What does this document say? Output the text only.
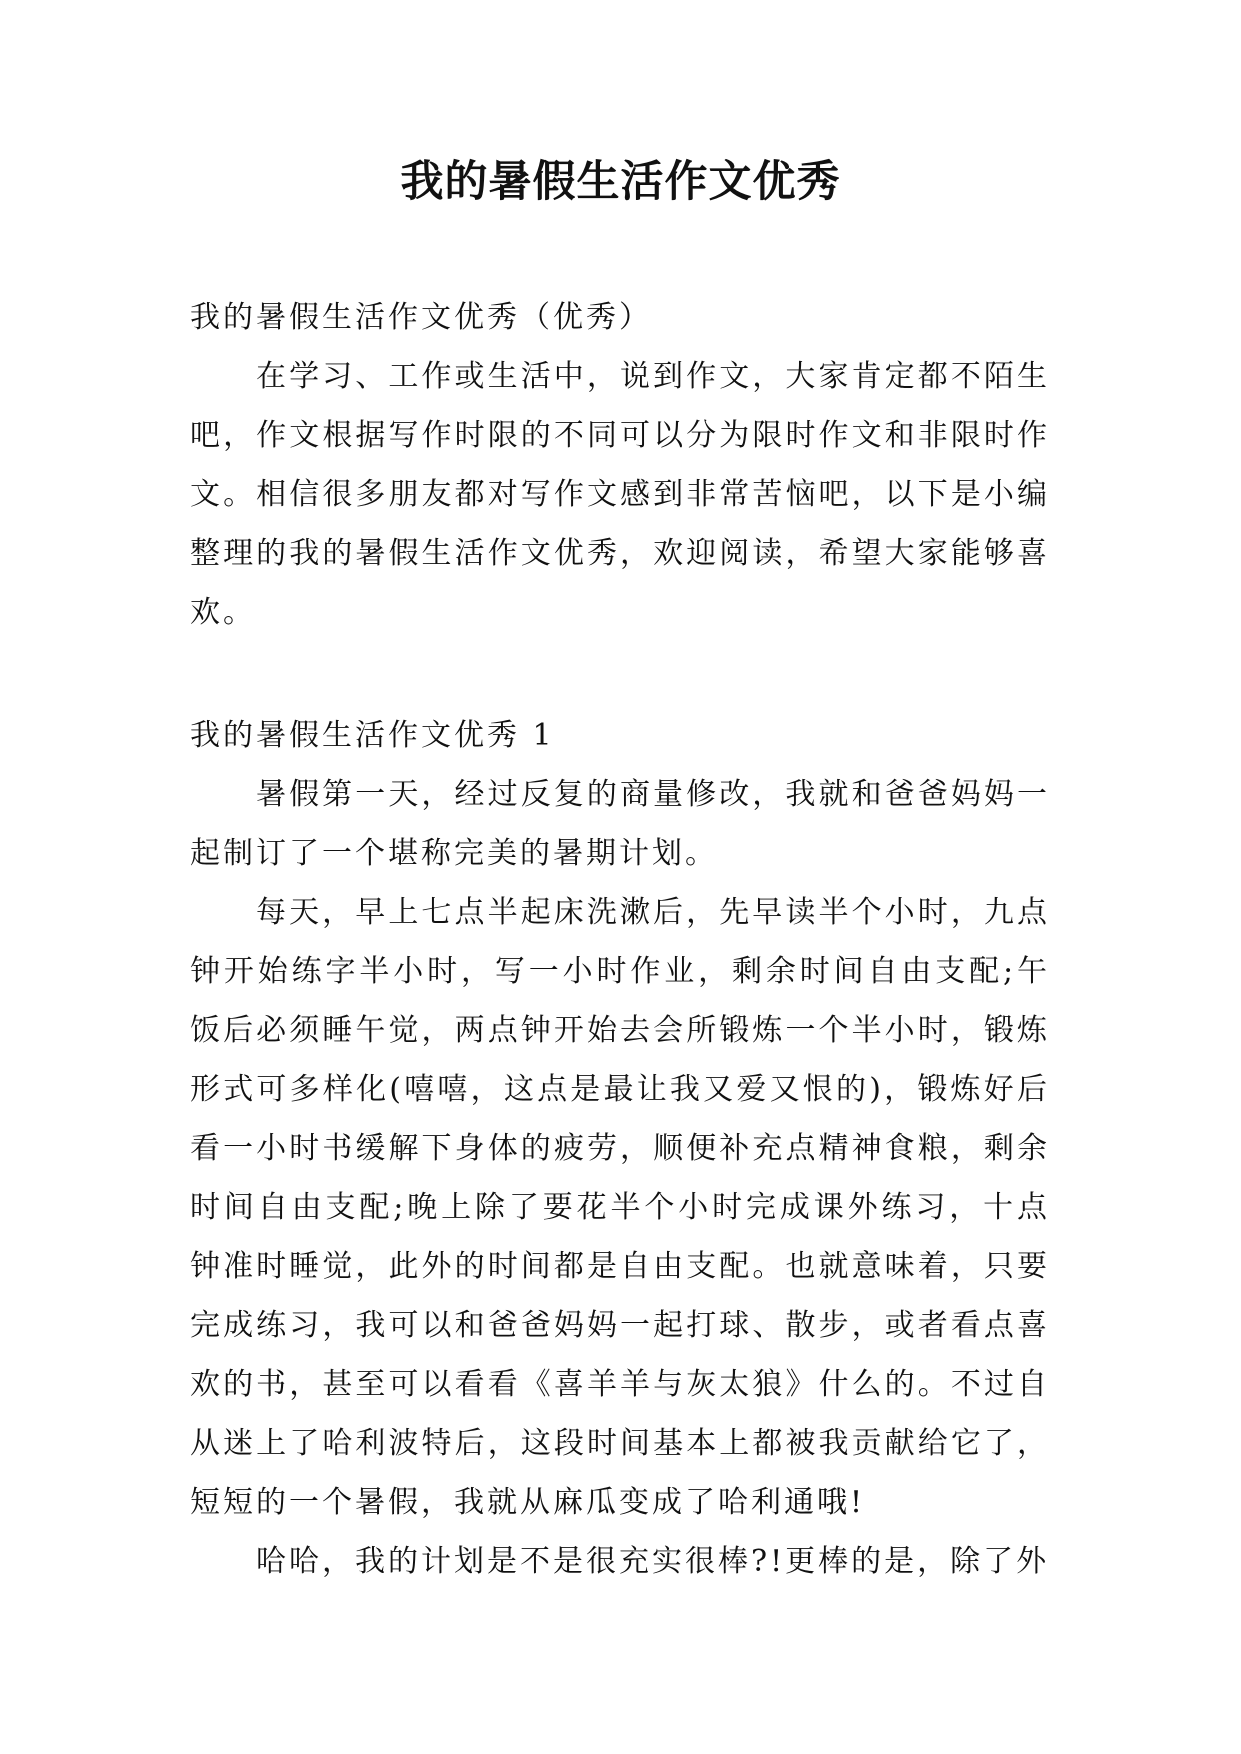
我的暑假生活作文优秀

我的暑假生活作文优秀（优秀）

在学习、工作或生活中，说到作文，大家肯定都不陌生吧，作文根据写作时限的不同可以分为限时作文和非限时作文。相信很多朋友都对写作文感到非常苦恼吧，以下是小编整理的我的暑假生活作文优秀，欢迎阅读，希望大家能够喜欢。

我的暑假生活作文优秀 1

暑假第一天，经过反复的商量修改，我就和爸爸妈妈一起制订了一个堪称完美的暑期计划。

每天，早上七点半起床洗漱后，先早读半个小时，九点钟开始练字半小时，写一小时作业，剩余时间自由支配;午饭后必须睡午觉，两点钟开始去会所锻炼一个半小时，锻炼形式可多样化(嘻嘻，这点是最让我又爱又恨的)，锻炼好后看一小时书缓解下身体的疲劳，顺便补充点精神食粮，剩余时间自由支配;晚上除了要花半个小时完成课外练习，十点钟准时睡觉，此外的时间都是自由支配。也就意味着，只要完成练习，我可以和爸爸妈妈一起打球、散步，或者看点喜欢的书，甚至可以看看《喜羊羊与灰太狼》什么的。不过自从迷上了哈利波特后，这段时间基本上都被我贡献给它了，短短的一个暑假，我就从麻瓜变成了哈利通哦!

哈哈，我的计划是不是很充实很棒?!更棒的是，除了外
